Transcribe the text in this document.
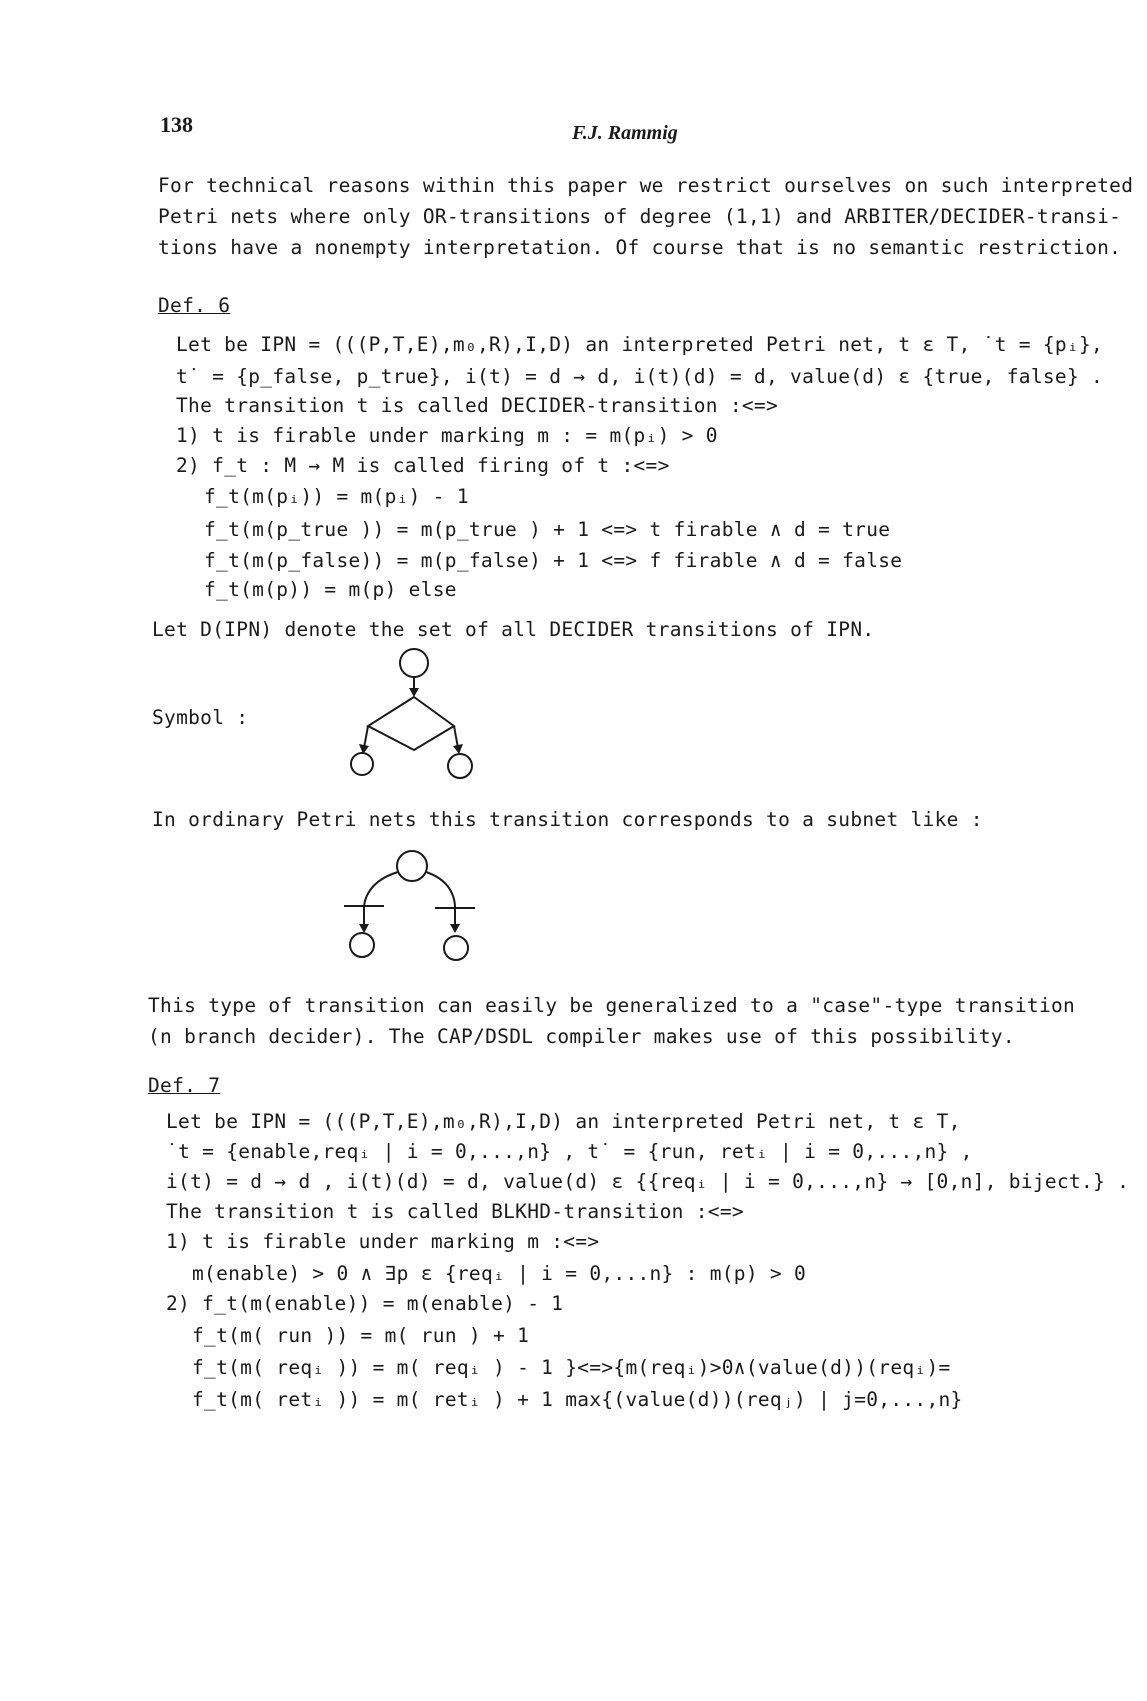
138	F.J. Rammig
For technical reasons within this paper we restrict ourselves on such interpreted
Petri nets where only OR-transitions of degree (1,1) and ARBITER/DECIDER-transi-
tions have a nonempty interpretation. Of course that is no semantic restriction.
Def. 6
Let be IPN = (((P,T,E),m₀,R),I,D) an interpreted Petri net, t ε T, ˙t = {pᵢ},
t˙ = {p_false, p_true}, i(t) = d → d, i(t)(d) = d, value(d) ε {true, false} .
The transition t is called DECIDER-transition :<=>
1) t is firable under marking m : = m(pᵢ) > 0
2) f_t : M → M is called firing of t :<=>
f_t(m(pᵢ)) = m(pᵢ) - 1
f_t(m(p_true )) = m(p_true ) + 1 <=> t firable ∧ d = true
f_t(m(p_false)) = m(p_false) + 1 <=> f firable ∧ d = false
f_t(m(p)) = m(p) else
Let D(IPN) denote the set of all DECIDER transitions of IPN.
Symbol :
In ordinary Petri nets this transition corresponds to a subnet like :
This type of transition can easily be generalized to a "case"-type transition
(n branch decider). The CAP/DSDL compiler makes use of this possibility.
Def. 7
Let be IPN = (((P,T,E),m₀,R),I,D) an interpreted Petri net, t ε T,
˙t = {enable,reqᵢ | i = 0,...,n} , t˙ = {run, retᵢ | i = 0,...,n} ,
i(t) = d → d , i(t)(d) = d, value(d) ε {{reqᵢ | i = 0,...,n} → [0,n], biject.} .
The transition t is called BLKHD-transition :<=>
1) t is firable under marking m :<=>
m(enable) > 0 ∧ ∃p ε {reqᵢ | i = 0,...n} : m(p) > 0
2) f_t(m(enable)) = m(enable) - 1
f_t(m( run )) = m( run ) + 1
f_t(m( reqᵢ )) = m( reqᵢ ) - 1 }<=>{m(reqᵢ)>0∧(value(d))(reqᵢ)=
f_t(m( retᵢ )) = m( retᵢ ) + 1 max{(value(d))(reqⱼ) | j=0,...,n}
